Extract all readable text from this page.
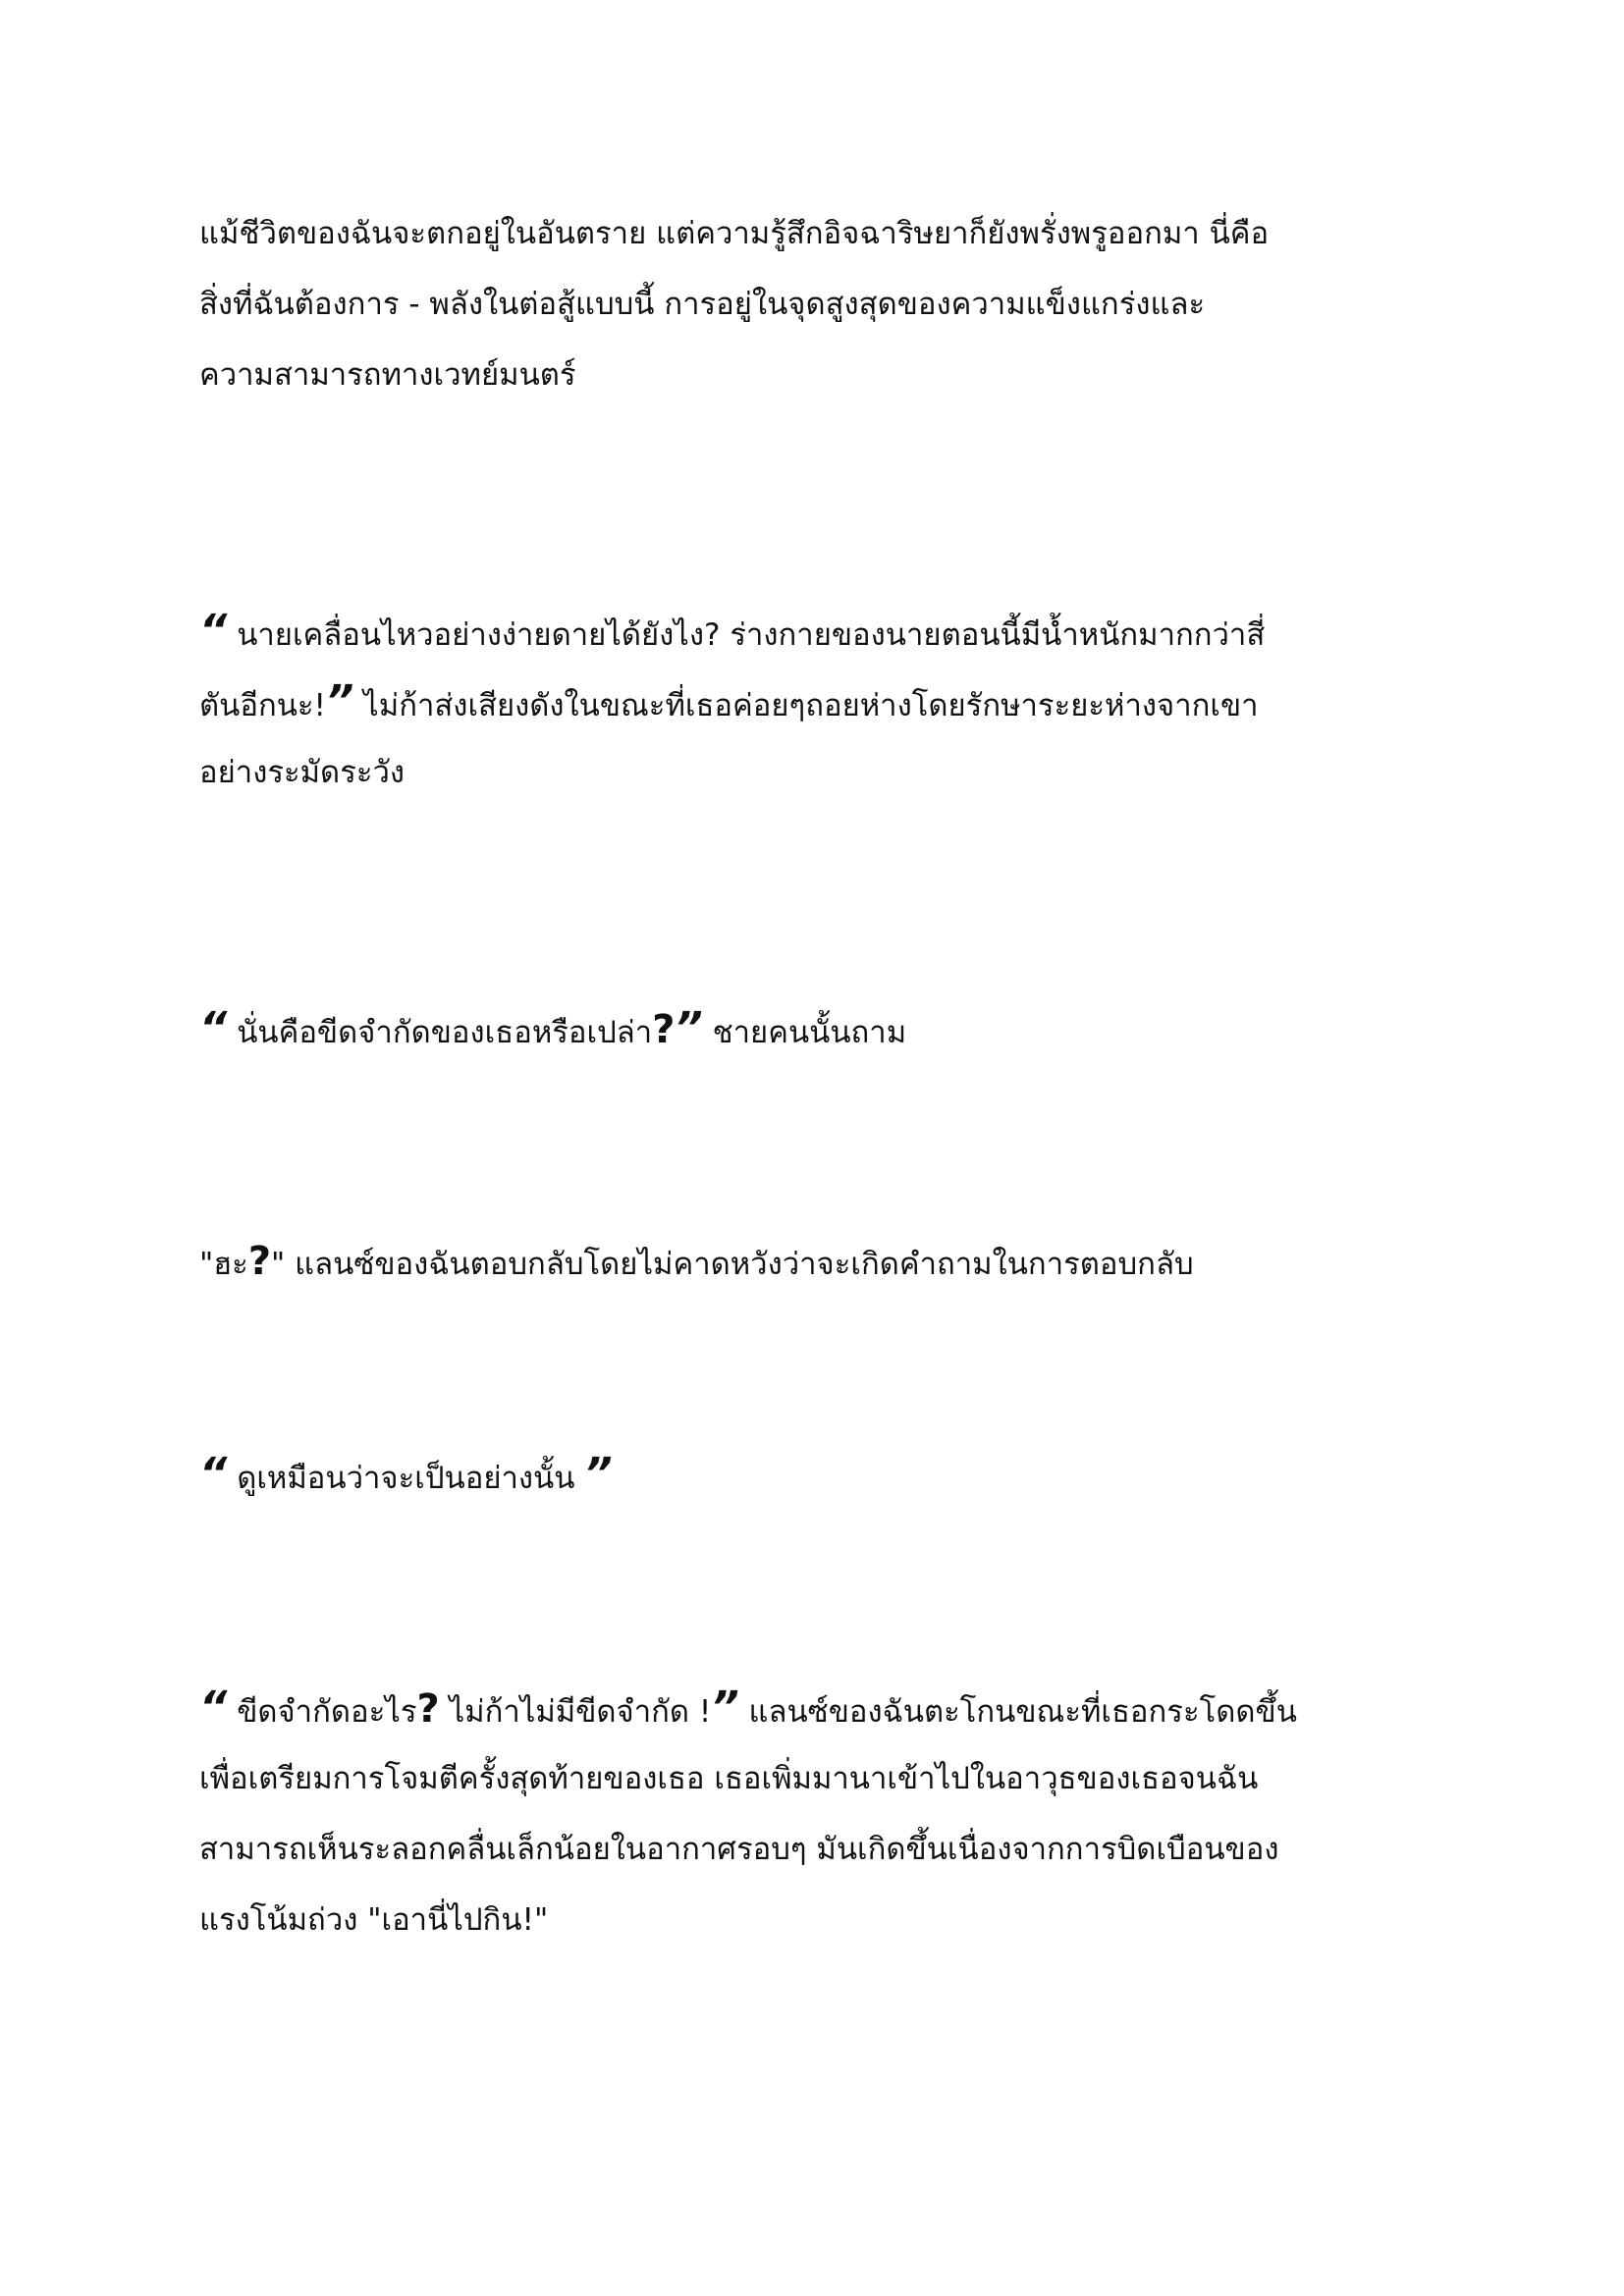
แม้ชีวิตของฉันจะตกอยู่ในอันตราย แต่ความรู้สึกอิจฉาริษยาก็ยังพรั่งพรูออกมา นี่คือ
สิ่งที่ฉันต้องการ - พลังในต่อสู้แบบนี้ การอยู่ในจุดสูงสุดของความแข็งแกร่งและ
ความสามารถทางเวทย์มนตร์
“ นายเคลื่อนไหวอย่างง่ายดายได้ยังไง? ร่างกายของนายตอนนี้มีน้ำหนักมากกว่าสี่
ตันอีกนะ!” ไม่ก้าส่งเสียงดังในขณะที่เธอค่อยๆถอยห่างโดยรักษาระยะห่างจากเขา
อย่างระมัดระวัง
“ นั่นคือขีดจำกัดของเธอหรือเปล่า?” ชายคนนั้นถาม
"ฮะ?" แลนซ์ของฉันตอบกลับโดยไม่คาดหวังว่าจะเกิดคำถามในการตอบกลับ
“ ดูเหมือนว่าจะเป็นอย่างนั้น ”
“ ขีดจำกัดอะไร? ไม่ก้าไม่มีขีดจำกัด !” แลนซ์ของฉันตะโกนขณะที่เธอกระโดดขึ้น
เพื่อเตรียมการโจมตีครั้งสุดท้ายของเธอ เธอเพิ่มมานาเข้าไปในอาวุธของเธอจนฉัน
สามารถเห็นระลอกคลื่นเล็กน้อยในอากาศรอบๆ มันเกิดขึ้นเนื่องจากการบิดเบือนของ
แรงโน้มถ่วง "เอานี่ไปกิน!"
